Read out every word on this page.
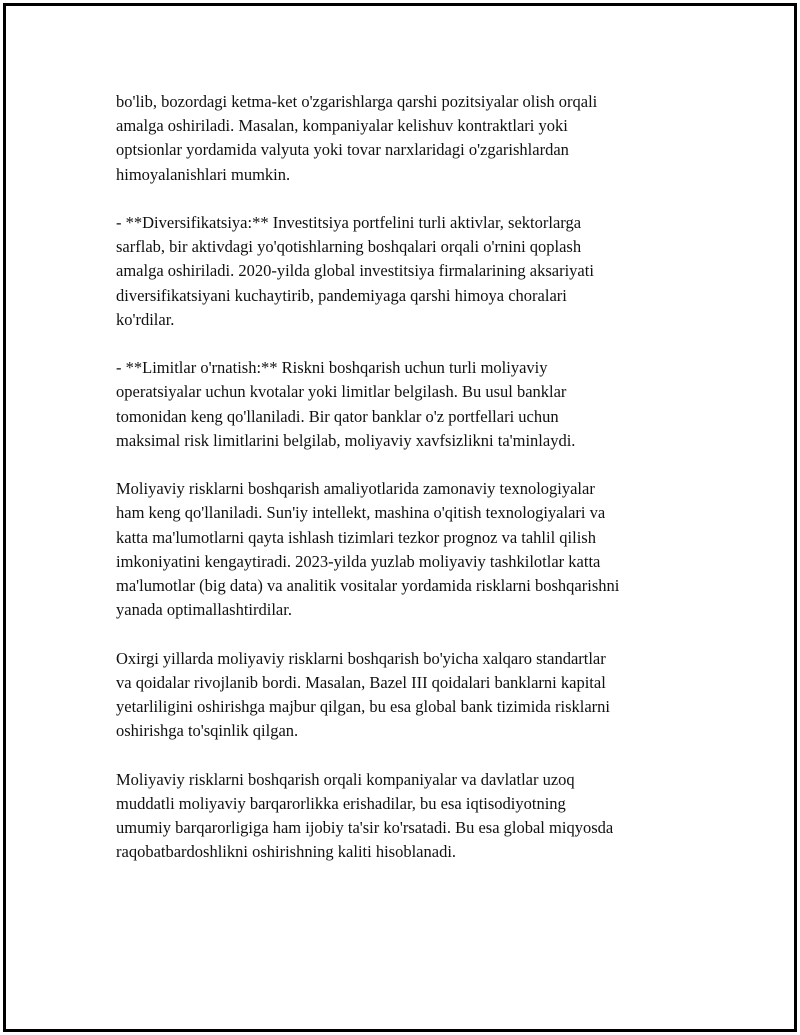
bo'lib, bozordagi ketma-ket o'zgarishlarga qarshi pozitsiyalar olish orqali
amalga oshiriladi. Masalan, kompaniyalar kelishuv kontraktlari yoki
optsionlar yordamida valyuta yoki tovar narxlaridagi o'zgarishlardan
himoyalanishlari mumkin.

- **Diversifikatsiya:** Investitsiya portfelini turli aktivlar, sektorlarga
sarflab, bir aktivdagi yo'qotishlarning boshqalari orqali o'rnini qoplash
amalga oshiriladi. 2020-yilda global investitsiya firmalarining aksariyati
diversifikatsiyani kuchaytirib, pandemiyaga qarshi himoya choralari
ko'rdilar.

- **Limitlar o'rnatish:** Riskni boshqarish uchun turli moliyaviy
operatsiyalar uchun kvotalar yoki limitlar belgilash. Bu usul banklar
tomonidan keng qo'llaniladi. Bir qator banklar o'z portfellari uchun
maksimal risk limitlarini belgilab, moliyaviy xavfsizlikni ta'minlaydi.

Moliyaviy risklarni boshqarish amaliyotlarida zamonaviy texnologiyalar
ham keng qo'llaniladi. Sun'iy intellekt, mashina o'qitish texnologiyalari va
katta ma'lumotlarni qayta ishlash tizimlari tezkor prognoz va tahlil qilish
imkoniyatini kengaytiradi. 2023-yilda yuzlab moliyaviy tashkilotlar katta
ma'lumotlar (big data) va analitik vositalar yordamida risklarni boshqarishni
yanada optimallashtirdilar.

Oxirgi yillarda moliyaviy risklarni boshqarish bo'yicha xalqaro standartlar
va qoidalar rivojlanib bordi. Masalan, Bazel III qoidalari banklarni kapital
yetarliligini oshirishga majbur qilgan, bu esa global bank tizimida risklarni
oshirishga to'sqinlik qilgan.

Moliyaviy risklarni boshqarish orqali kompaniyalar va davlatlar uzoq
muddatli moliyaviy barqarorlikka erishadilar, bu esa iqtisodiyotning
umumiy barqarorligiga ham ijobiy ta'sir ko'rsatadi. Bu esa global miqyosda
raqobatbardoshlikni oshirishning kaliti hisoblanadi.
